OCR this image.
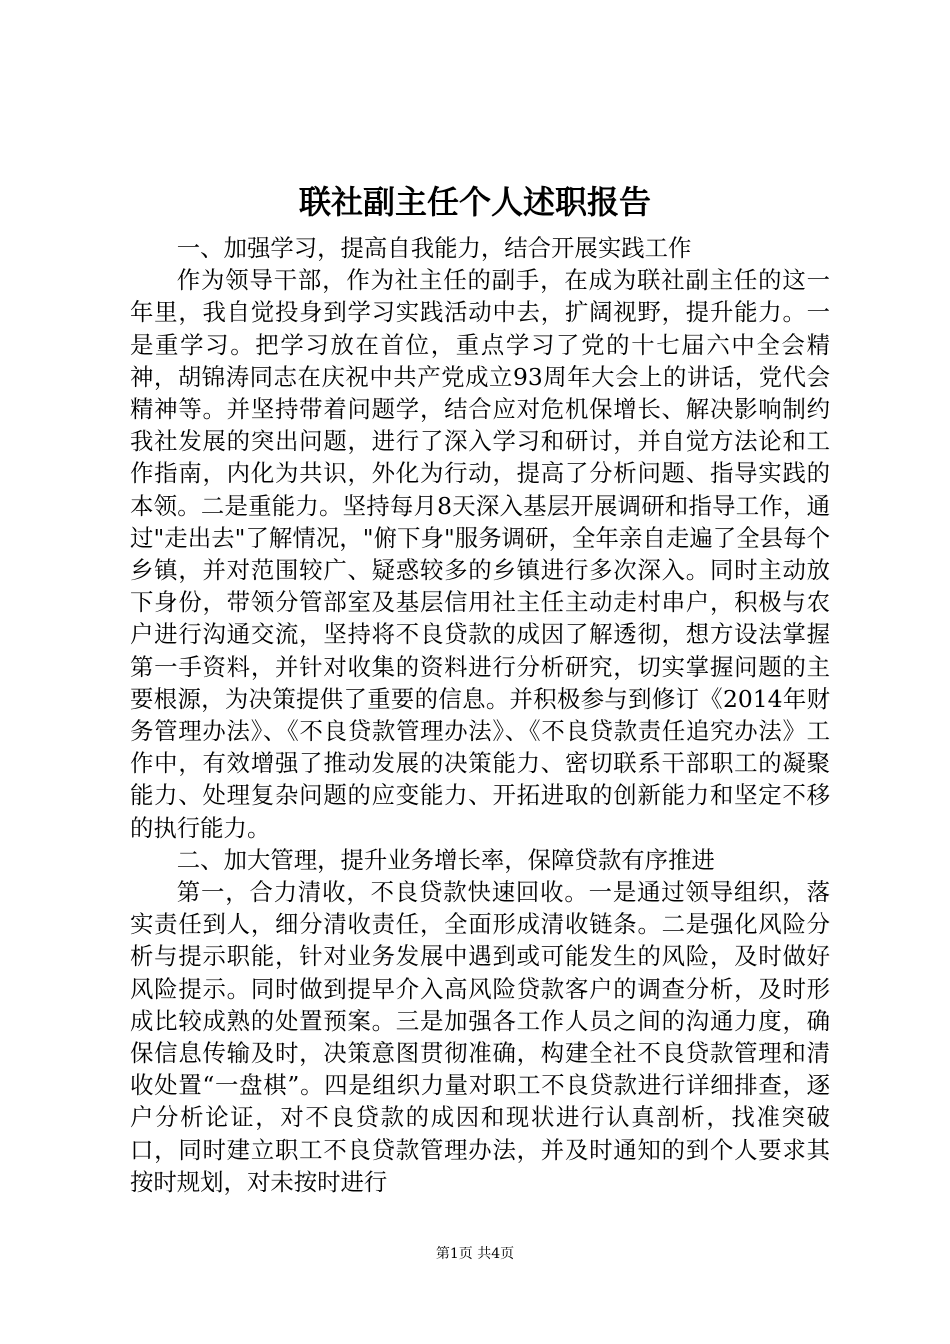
联社副主任个人述职报告

一、加强学习，提高自我能力，结合开展实践工作

作为领导干部，作为社主任的副手，在成为联社副主任的这一年里，我自觉投身到学习实践活动中去，扩阔视野，提升能力。一是重学习。把学习放在首位，重点学习了党的十七届六中全会精神，胡锦涛同志在庆祝中共产党成立93周年大会上的讲话，党代会精神等。并坚持带着问题学，结合应对危机保增长、解决影响制约我社发展的突出问题，进行了深入学习和研讨，并自觉方法论和工作指南，内化为共识，外化为行动，提高了分析问题、指导实践的本领。二是重能力。坚持每月8天深入基层开展调研和指导工作，通过"走出去"了解情况，"俯下身"服务调研，全年亲自走遍了全县每个乡镇，并对范围较广、疑惑较多的乡镇进行多次深入。同时主动放下身份，带领分管部室及基层信用社主任主动走村串户，积极与农户进行沟通交流，坚持将不良贷款的成因了解透彻，想方设法掌握第一手资料，并针对收集的资料进行分析研究，切实掌握问题的主要根源，为决策提供了重要的信息。并积极参与到修订《2014年财务管理办法》、《不良贷款管理办法》、《不良贷款责任追究办法》工作中，有效增强了推动发展的决策能力、密切联系干部职工的凝聚能力、处理复杂问题的应变能力、开拓进取的创新能力和坚定不移的执行能力。

二、加大管理，提升业务增长率，保障贷款有序推进

第一，合力清收，不良贷款快速回收。一是通过领导组织，落实责任到人，细分清收责任，全面形成清收链条。二是强化风险分析与提示职能，针对业务发展中遇到或可能发生的风险，及时做好风险提示。同时做到提早介入高风险贷款客户的调查分析，及时形成比较成熟的处置预案。三是加强各工作人员之间的沟通力度，确保信息传输及时，决策意图贯彻准确，构建全社不良贷款管理和清收处置“一盘棋”。四是组织力量对职工不良贷款进行详细排查，逐户分析论证，对不良贷款的成因和现状进行认真剖析，找准突破口，同时建立职工不良贷款管理办法，并及时通知的到个人要求其按时规划，对未按时进行

第1页 共4页
